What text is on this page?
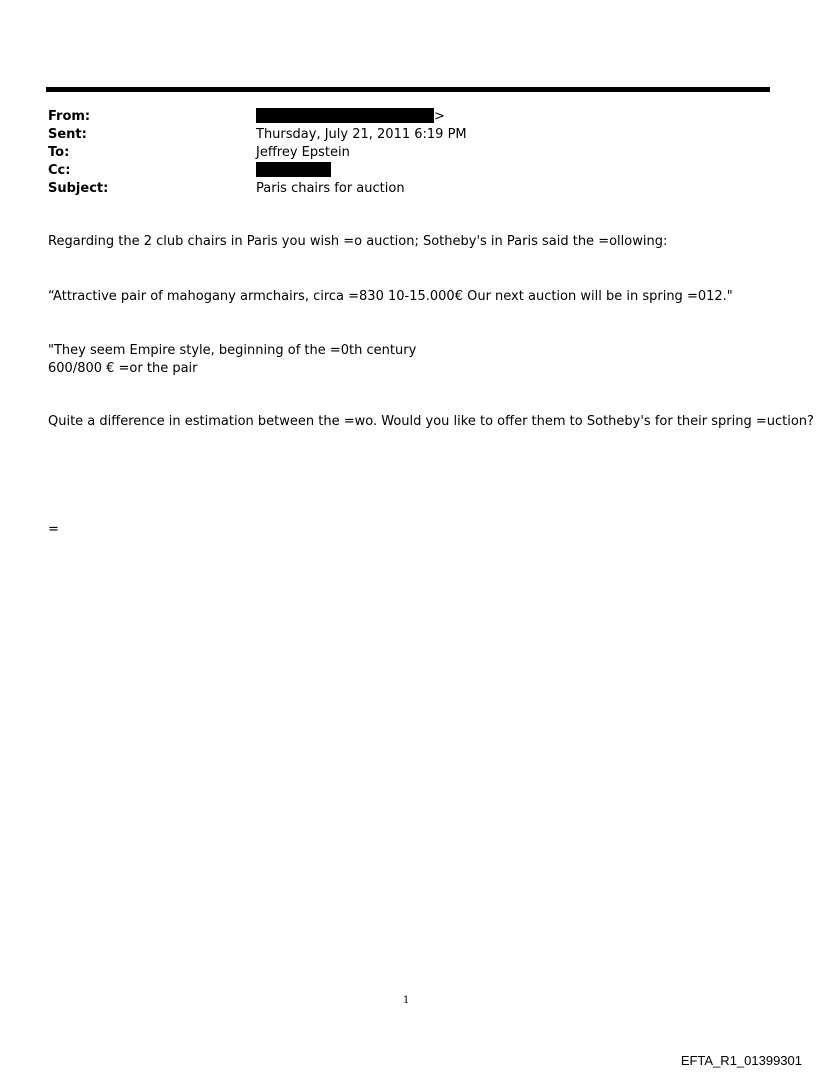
From:	>
Sent:	Thursday, July 21, 2011 6:19 PM
To:	Jeffrey Epstein
Cc:
Subject:	Paris chairs for auction
Regarding the 2 club chairs in Paris you wish =o auction; Sotheby's in Paris said the =ollowing:
“Attractive pair of mahogany armchairs, circa =830 10-15.000€ Our next auction will be in spring =012."
"They seem Empire style, beginning of the =0th century
600/800 € =or the pair
Quite a difference in estimation between the =wo. Would you like to offer them to Sotheby's for their spring =uction?
=
1
EFTA_R1_01399301
